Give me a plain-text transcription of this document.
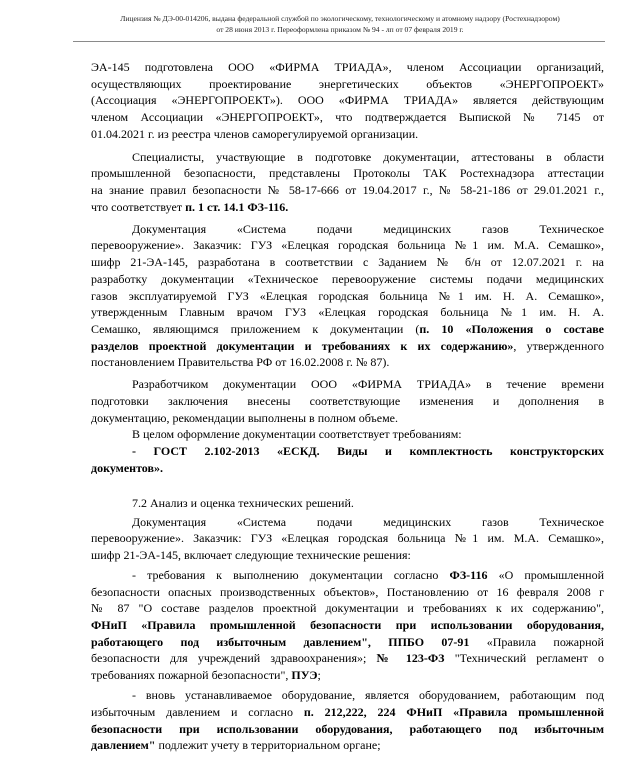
Лицензия № ДЭ-00-014206, выдана федеральной службой по экологическому, технологическому и атомному надзору (Ростехнадзором)
от 28 июня 2013 г. Переоформлена приказом № 94 - лп от 07 февраля 2019 г.
ЭА-145 подготовлена ООО «ФИРМА ТРИАДА», членом Ассоциации организаций,
осуществляющих проектирование энергетических объектов «ЭНЕРГОПРОЕКТ»
(Ассоциация «ЭНЕРГОПРОЕКТ»). ООО «ФИРМА ТРИАДА» является действующим
членом Ассоциации «ЭНЕРГОПРОЕКТ», что подтверждается Выпиской № 7145 от
01.04.2021 г. из реестра членов саморегулируемой организации.
Специалисты, участвующие в подготовке документации, аттестованы в области
промышленной безопасности, представлены Протоколы ТАК Ростехнадзора аттестации
на знание правил безопасности № 58-17-666 от 19.04.2017 г., № 58-21-186 от 29.01.2021 г.,
что соответствует п. 1 ст. 14.1 ФЗ-116.
Документация «Система подачи медицинских газов Техническое
перевооружение». Заказчик: ГУЗ «Елецкая городская больница №1 им. М.А. Семашко»,
шифр 21-ЭА-145, разработана в соответствии с Заданием № б/н от 12.07.2021 г. на
разработку документации «Техническое перевооружение системы подачи медицинских
газов эксплуатируемой ГУЗ «Елецкая городская больница №1 им. Н. А. Семашко»,
утвержденным Главным врачом ГУЗ «Елецкая городская больница №1 им. Н. А.
Семашко, являющимся приложением к документации (п. 10 «Положения о составе
разделов проектной документации и требованиях к их содержанию», утвержденного
постановлением Правительства РФ от 16.02.2008 г. № 87).
Разработчиком документации ООО «ФИРМА ТРИАДА» в течение времени
подготовки заключения внесены соответствующие изменения и дополнения в
документацию, рекомендации выполнены в полном объеме.
В целом оформление документации соответствует требованиям:
- ГОСТ 2.102-2013 «ЕСКД. Виды и комплектность конструкторских
документов».
7.2 Анализ и оценка технических решений.
Документация «Система подачи медицинских газов Техническое
перевооружение». Заказчик: ГУЗ «Елецкая городская больница №1 им. М.А. Семашко»,
шифр 21-ЭА-145, включает следующие технические решения:
- требования к выполнению документации согласно ФЗ-116 «О промышленной
безопасности опасных производственных объектов», Постановлению от 16 февраля 2008 г
№ 87 "О составе разделов проектной документации и требованиях к их содержанию",
ФНиП «Правила промышленной безопасности при использовании оборудования,
работающего под избыточным давлением", ППБО 07-91 «Правила пожарной
безопасности для учреждений здравоохранения»; № 123-ФЗ "Технический регламент о
требованиях пожарной безопасности", ПУЭ;
- вновь устанавливаемое оборудование, является оборудованием, работающим под
избыточным давлением и согласно п. 212,222, 224 ФНиП «Правила промышленной
безопасности при использовании оборудования, работающего под избыточным
давлением" подлежит учету в территориальном органе;
